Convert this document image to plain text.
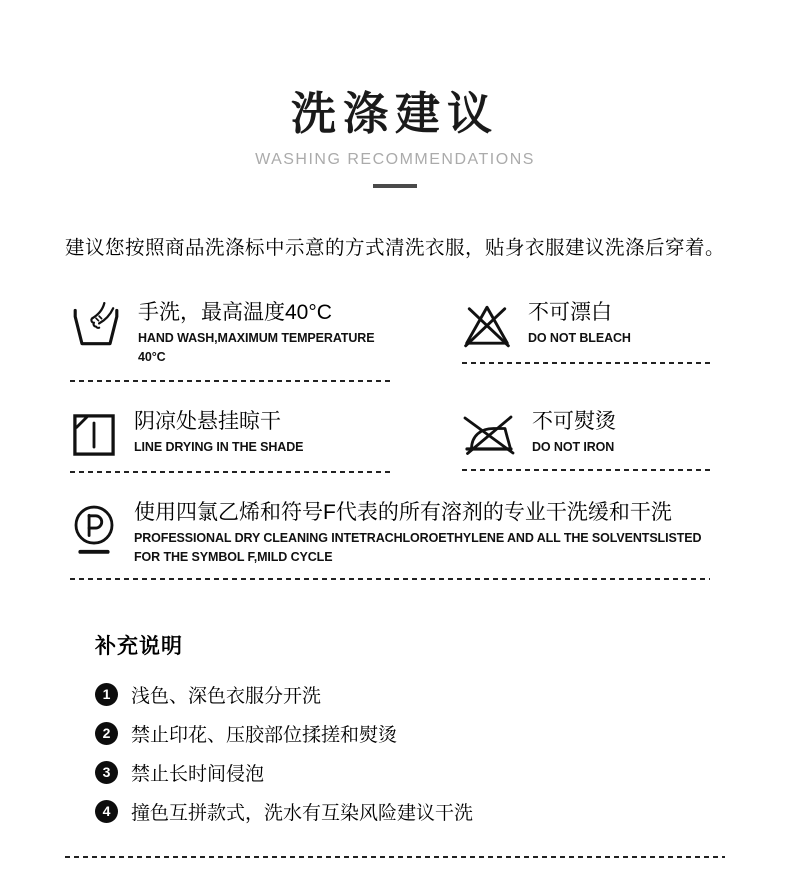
洗涤建议
WASHING RECOMMENDATIONS
建议您按照商品洗涤标中示意的方式清洗衣服，贴身衣服建议洗涤后穿着。
手洗，最高温度40°C
HAND WASH,MAXIMUM TEMPERATURE 40°C
不可漂白
DO NOT BLEACH
阴凉处悬挂晾干
LINE DRYING IN THE SHADE
不可熨烫
DO NOT IRON
使用四氯乙烯和符号F代表的所有溶剂的专业干洗缓和干洗
PROFESSIONAL DRY CLEANING INTETRACHLOROETHYLENE AND ALL THE SOLVENTSLISTED FOR THE SYMBOL F,MILD CYCLE
补充说明
1	浅色、深色衣服分开洗
2	禁止印花、压胶部位揉搓和熨烫
3	禁止长时间侵泡
4	撞色互拼款式，洗水有互染风险建议干洗
